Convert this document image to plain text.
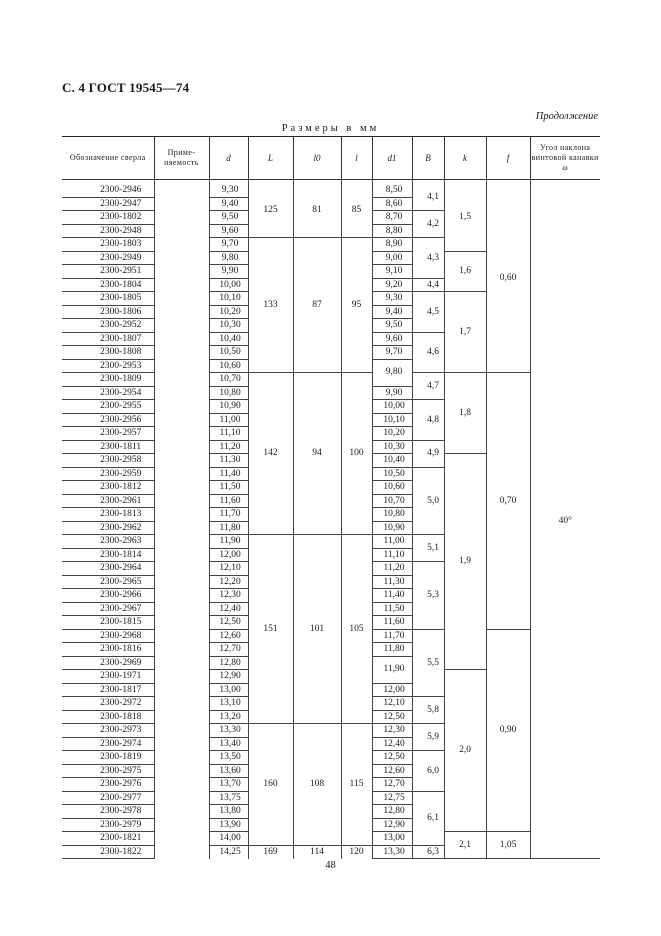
С. 4 ГОСТ 19545—74
Продолжение
Размеры в мм
Обозначение сверла	Приме-няемость	d	L	l0	l	d1	B	k	f	Угол наклона винтовой канавки ω

2300-2946		9,30	125	81	85	8,50	4,1	1,5	0,60	40°
2300-2947		9,40				8,60				
2300-1802		9,50				8,70	4,2			
2300-2948		9,60				8,80				
2300-1803		9,70	133	87	95	8,90	4,3			
2300-2949		9,80				9,00		1,6		
2300-2951		9,90				9,10				
2300-1804		10,00				9,20	4,4			
2300-1805		10,10				9,30	4,5	1,7		
2300-1806		10,20				9,40				
2300-2952		10,30				9,50				
2300-1807		10,40				9,60	4,6			
2300-1808		10,50				9,70				
2300-2953		10,60				9,80				
2300-1809		10,70	142	94	100		4,7	1,8	0,70	
2300-2954		10,80				9,90				
2300-2955		10,90				10,00	4,8			
2300-2956		11,00				10,10				
2300-2957		11,10				10,20				
2300-1811		11,20				10,30	4,9			
2300-2958		11,30				10,40		1,9		
2300-2959		11,40				10,50	5,0			
2300-1812		11,50				10,60				
2300-2961		11,60				10,70				
2300-1813		11,70				10,80				
2300-2962		11,80				10,90				
2300-2963		11,90	151	101	105	11,00	5,1			
2300-1814		12,00				11,10				
2300-2964		12,10				11,20	5,3			
2300-2965		12,20				11,30				
2300-2966		12,30				11,40				
2300-2967		12,40				11,50				
2300-1815		12,50				11,60				
2300-2968		12,60				11,70	5,5		0,90	
2300-1816		12,70				11,80				
2300-2969		12,80				11,90				
2300-1971		12,90						2,0		
2300-1817		13,00				12,00				
2300-2972		13,10				12,10	5,8			
2300-1818		13,20				12,50				
2300-2973		13,30	160	108	115	12,30	5,9			
2300-2974		13,40				12,40				
2300-1819		13,50				12,50	6,0			
2300-2975		13,60				12,60				
2300-2976		13,70				12,70				
2300-2977		13,75				12,75	6,1			
2300-2978		13,80				12,80				
2300-2979		13,90				12,90				
2300-1821		14,00				13,00		2,1	1,05	
2300-1822		14,25	169	114	120	13,30	6,3			
48
